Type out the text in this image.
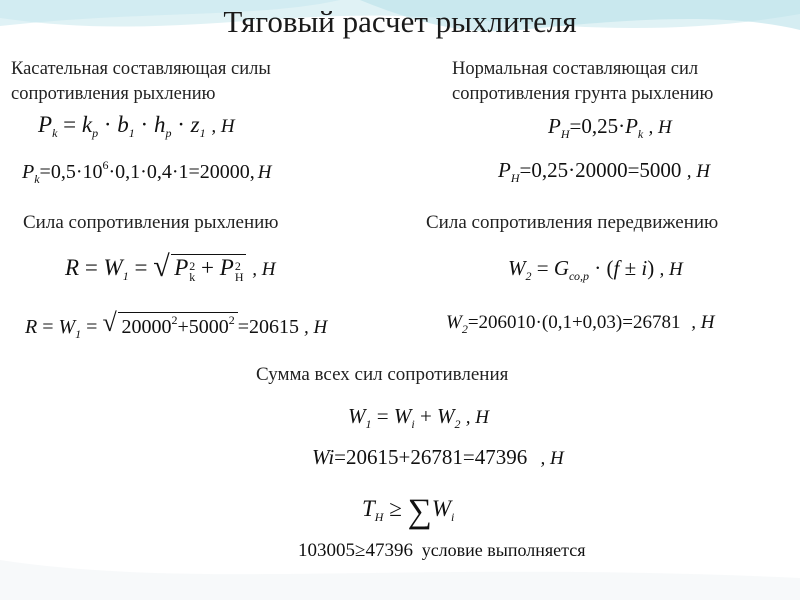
Тяговый расчет рыхлителя
Касательная составляющая силы
сопротивления рыхлению
Нормальная составляющая сил
сопротивления грунта рыхлению
$P_k = k_p \cdot b_1 \cdot h_p \cdot z_1$ , Н
$P_k=0,5\cdot 10^6\cdot 0,1\cdot 0,4\cdot 1=20000$, Н
$P_Н=0,25\cdot P_k$ , Н
$P_Н=0,25\cdot 20000=5000$ , Н
Сила сопротивления рыхлению	Сила сопротивления передвижению
$R = W_1$ = √ P2
k + P2
Н , Н
$R = W_1$ = √ $20000^2+5000^2 =20615$ , Н
$W_2 = G_{со,р} \cdot (f \pm i)$ , Н
$W_2=206010\cdot(0,1+0,03)=26781$ , Н
Сумма всех сил сопротивления
$W_1 = W_i + W_2$ , Н
Wi=20615+26781=47396 , Н
$T_Н \ge \sum W_i$
103005≥47396 условие выполняется
